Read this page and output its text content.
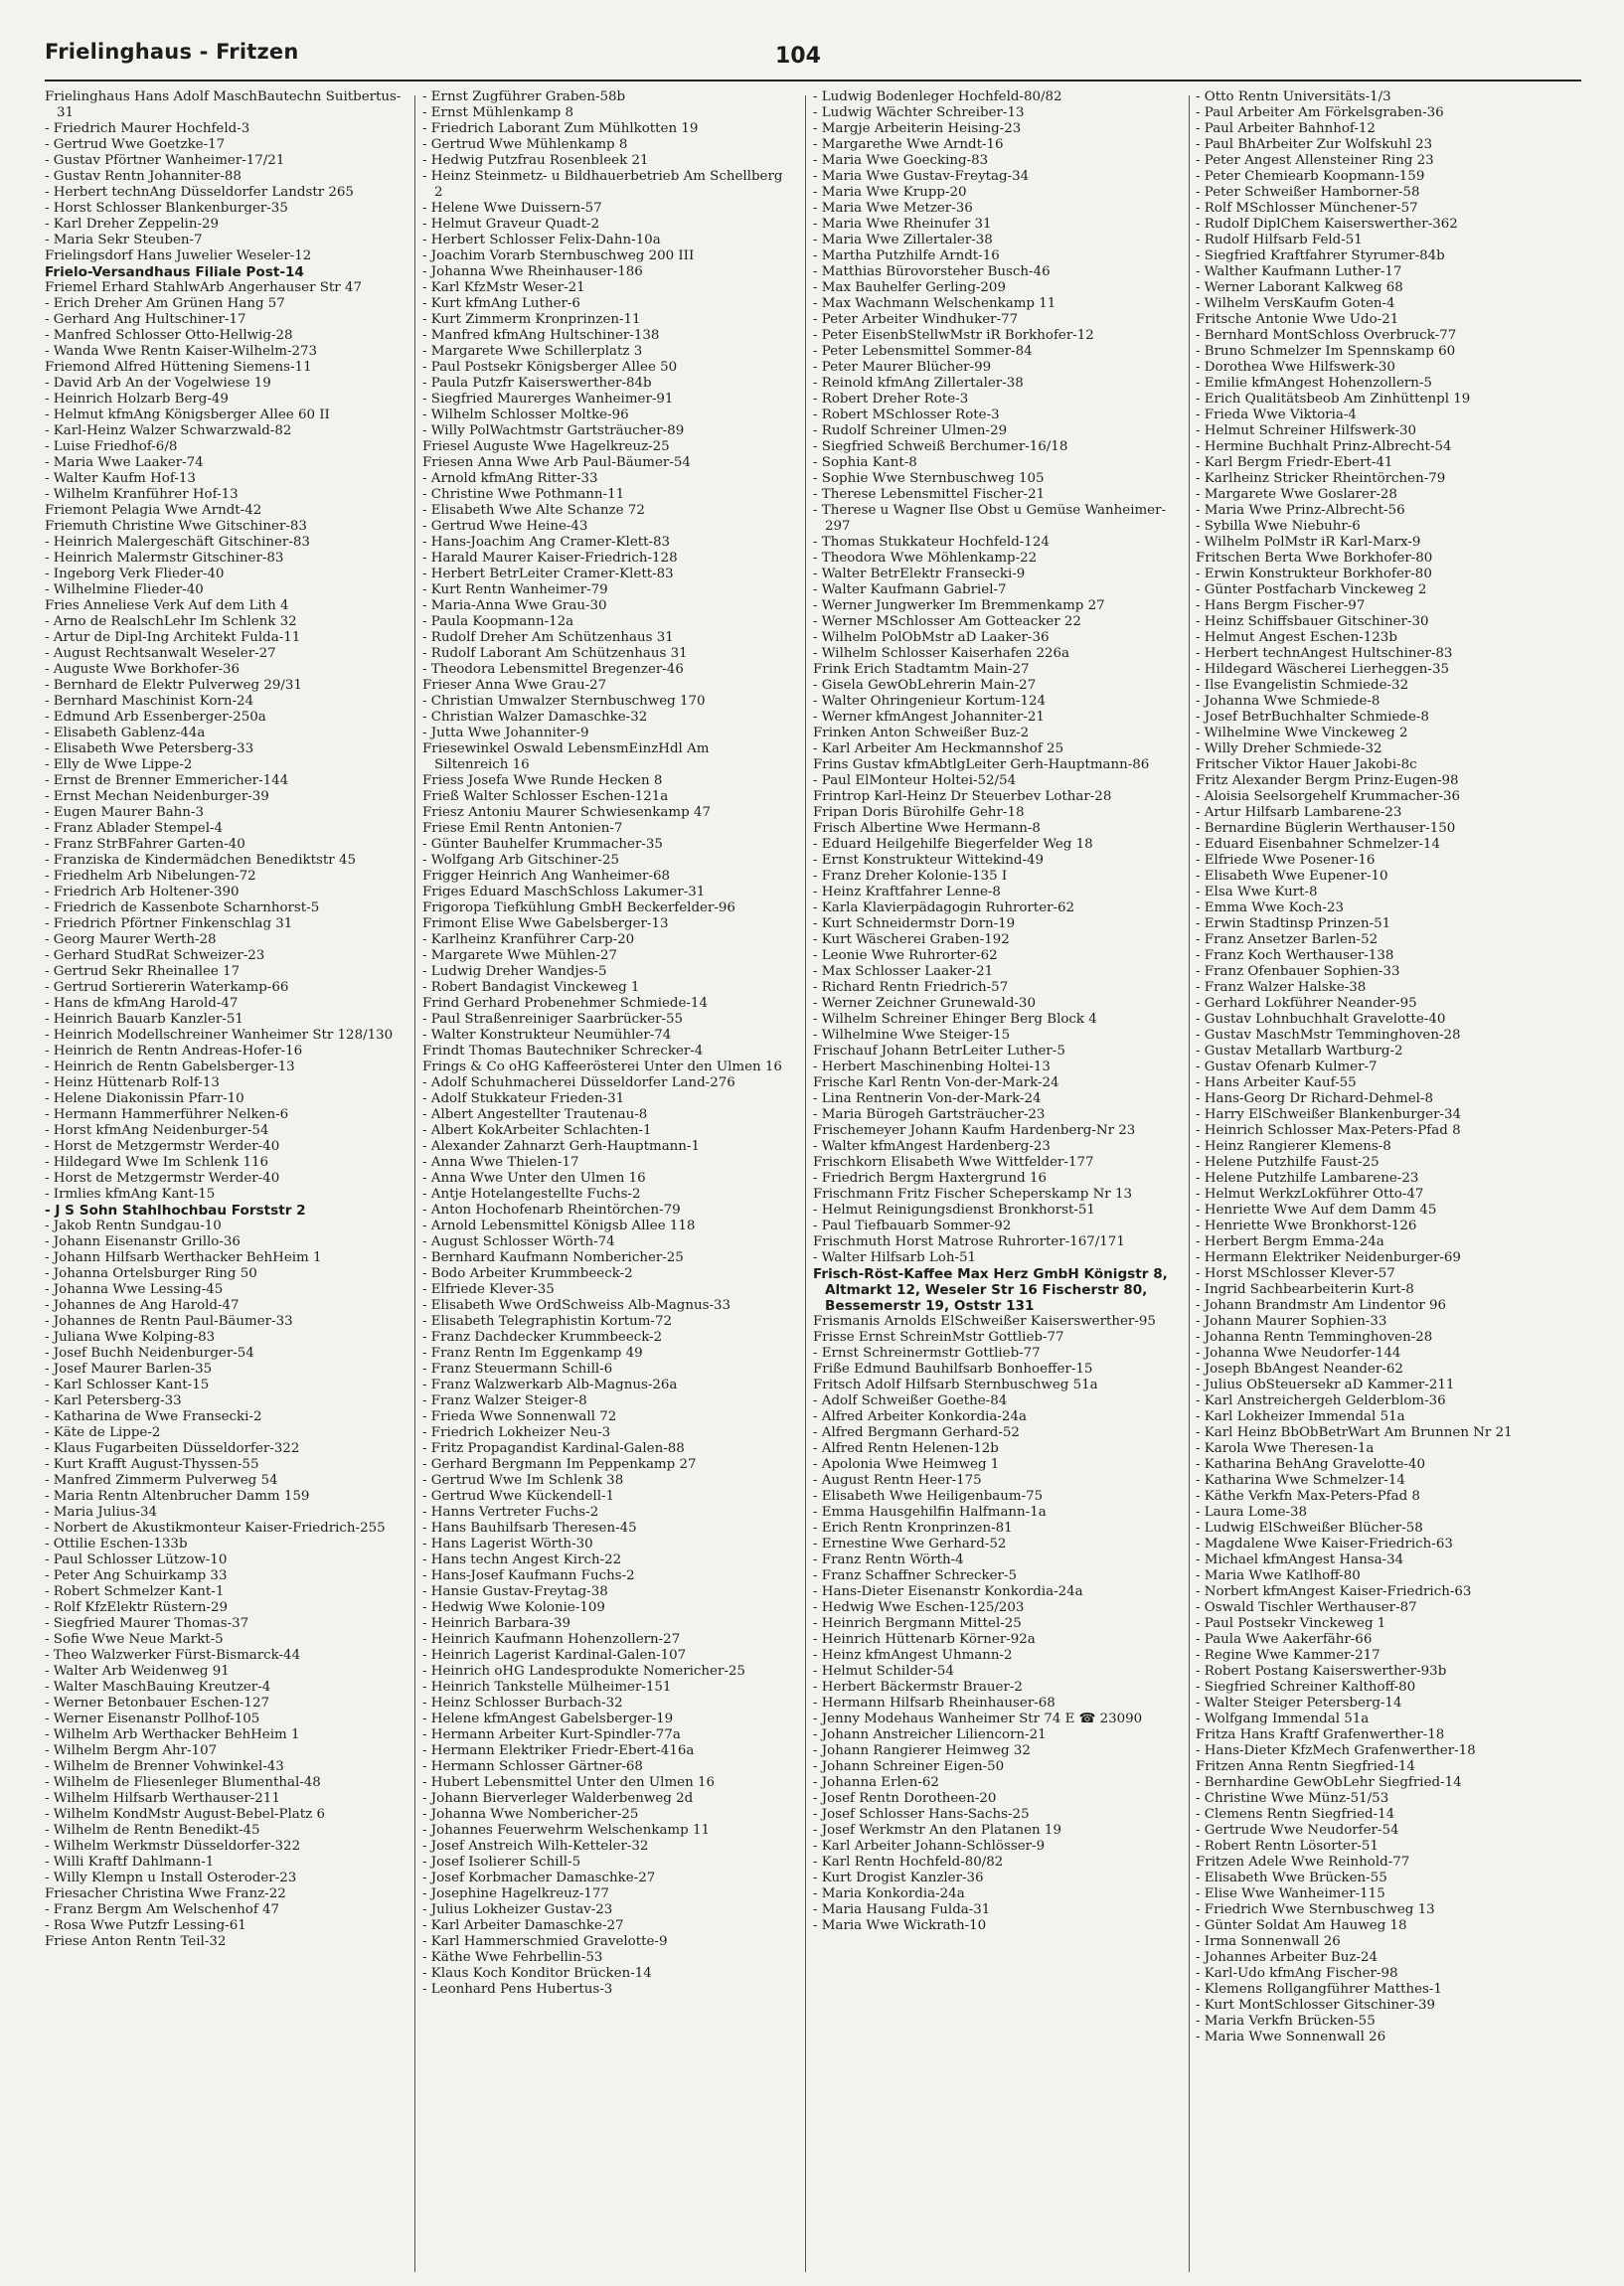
Frielinghaus - Fritzen	104

Frielinghaus Hans Adolf MaschBautechn Suitbertus-31

- Friedrich Maurer Hochfeld-3

- Gertrud Wwe Goetzke-17

- Gustav Pförtner Wanheimer-17/21

- Gustav Rentn Johanniter-88

- Herbert technAng Düsseldorfer Landstr 265

- Horst Schlosser Blankenburger-35

- Karl Dreher Zeppelin-29

- Maria Sekr Steuben-7

Frielingsdorf Hans Juwelier Weseler-12

Frielo-Versandhaus Filiale Post-14

Friemel Erhard StahlwArb Angerhauser Str 47

- Erich Dreher Am Grünen Hang 57

- Gerhard Ang Hultschiner-17

- Manfred Schlosser Otto-Hellwig-28

- Wanda Wwe Rentn Kaiser-Wilhelm-273

Friemond Alfred Hüttening Siemens-11

- David Arb An der Vogelwiese 19

- Heinrich Holzarb Berg-49

- Helmut kfmAng Königsberger Allee 60 II

- Karl-Heinz Walzer Schwarzwald-82

- Luise Friedhof-6/8

- Maria Wwe Laaker-74

- Walter Kaufm Hof-13

- Wilhelm Kranführer Hof-13

Friemont Pelagia Wwe Arndt-42

Friemuth Christine Wwe Gitschiner-83

- Heinrich Malergeschäft Gitschiner-83

- Heinrich Malermstr Gitschiner-83

- Ingeborg Verk Flieder-40

- Wilhelmine Flieder-40

Fries Anneliese Verk Auf dem Lith 4

- Arno de RealschLehr Im Schlenk 32

- Artur de Dipl-Ing Architekt Fulda-11

- August Rechtsanwalt Weseler-27

- Auguste Wwe Borkhofer-36

- Bernhard de Elektr Pulverweg 29/31

- Bernhard Maschinist Korn-24

- Edmund Arb Essenberger-250a

- Elisabeth Gablenz-44a

- Elisabeth Wwe Petersberg-33

- Elly de Wwe Lippe-2

- Ernst de Brenner Emmericher-144

- Ernst Mechan Neidenburger-39

- Eugen Maurer Bahn-3

- Franz Ablader Stempel-4

- Franz StrBFahrer Garten-40

- Franziska de Kindermädchen Benediktstr 45

- Friedhelm Arb Nibelungen-72

- Friedrich Arb Holtener-390

- Friedrich de Kassenbote Scharnhorst-5

- Friedrich Pförtner Finkenschlag 31

- Georg Maurer Werth-28

- Gerhard StudRat Schweizer-23

- Gertrud Sekr Rheinallee 17

- Gertrud Sortiererin Waterkamp-66

- Hans de kfmAng Harold-47

- Heinrich Bauarb Kanzler-51

- Heinrich Modellschreiner Wanheimer Str 128/130

- Heinrich de Rentn Andreas-Hofer-16

- Heinrich de Rentn Gabelsberger-13

- Heinz Hüttenarb Rolf-13

- Helene Diakonissin Pfarr-10

- Hermann Hammerführer Nelken-6

- Horst kfmAng Neidenburger-54

- Horst de Metzgermstr Werder-40

- Hildegard Wwe Im Schlenk 116

- Horst de Metzgermstr Werder-40

- Irmlies kfmAng Kant-15

- J S Sohn Stahlhochbau Forststr 2

- Jakob Rentn Sundgau-10

- Johann Eisenanstr Grillo-36

- Johann Hilfsarb Werthacker BehHeim 1

- Johanna Ortelsburger Ring 50

- Johanna Wwe Lessing-45

- Johannes de Ang Harold-47

- Johannes de Rentn Paul-Bäumer-33

- Juliana Wwe Kolping-83

- Josef Buchh Neidenburger-54

- Josef Maurer Barlen-35

- Karl Schlosser Kant-15

- Karl Petersberg-33

- Katharina de Wwe Fransecki-2

- Käte de Lippe-2

- Klaus Fugarbeiten Düsseldorfer-322

- Kurt Krafft August-Thyssen-55

- Manfred Zimmerm Pulverweg 54

- Maria Rentn Altenbrucher Damm 159

- Maria Julius-34

- Norbert de Akustikmonteur Kaiser-Friedrich-255

- Ottilie Eschen-133b

- Paul Schlosser Lützow-10

- Peter Ang Schuirkamp 33

- Robert Schmelzer Kant-1

- Rolf KfzElektr Rüstern-29

- Siegfried Maurer Thomas-37

- Sofie Wwe Neue Markt-5

- Theo Walzwerker Fürst-Bismarck-44

- Walter Arb Weidenweg 91

- Walter MaschBauing Kreutzer-4

- Werner Betonbauer Eschen-127

- Werner Eisenanstr Pollhof-105

- Wilhelm Arb Werthacker BehHeim 1

- Wilhelm Bergm Ahr-107

- Wilhelm de Brenner Vohwinkel-43

- Wilhelm de Fliesenleger Blumenthal-48

- Wilhelm Hilfsarb Werthauser-211

- Wilhelm KondMstr August-Bebel-Platz 6

- Wilhelm de Rentn Benedikt-45

- Wilhelm Werkmstr Düsseldorfer-322

- Willi Kraftf Dahlmann-1

- Willy Klempn u Install Osteroder-23

Friesacher Christina Wwe Franz-22

- Franz Bergm Am Welschenhof 47

- Rosa Wwe Putzfr Lessing-61

Friese Anton Rentn Teil-32

- Ernst Zugführer Graben-58b

- Ernst Mühlenkamp 8

- Friedrich Laborant Zum Mühlkotten 19

- Gertrud Wwe Mühlenkamp 8

- Hedwig Putzfrau Rosenbleek 21

- Heinz Steinmetz- u Bildhauerbetrieb Am Schellberg 2

- Helene Wwe Duissern-57

- Helmut Graveur Quadt-2

- Herbert Schlosser Felix-Dahn-10a

- Joachim Vorarb Sternbuschweg 200 III

- Johanna Wwe Rheinhauser-186

- Karl KfzMstr Weser-21

- Kurt kfmAng Luther-6

- Kurt Zimmerm Kronprinzen-11

- Manfred kfmAng Hultschiner-138

- Margarete Wwe Schillerplatz 3

- Paul Postsekr Königsberger Allee 50

- Paula Putzfr Kaiserswerther-84b

- Siegfried Maurerges Wanheimer-91

- Wilhelm Schlosser Moltke-96

- Willy PolWachtmstr Gartsträucher-89

Friesel Auguste Wwe Hagelkreuz-25

Friesen Anna Wwe Arb Paul-Bäumer-54

- Arnold kfmAng Ritter-33

- Christine Wwe Pothmann-11

- Elisabeth Wwe Alte Schanze 72

- Gertrud Wwe Heine-43

- Hans-Joachim Ang Cramer-Klett-83

- Harald Maurer Kaiser-Friedrich-128

- Herbert BetrLeiter Cramer-Klett-83

- Kurt Rentn Wanheimer-79

- Maria-Anna Wwe Grau-30

- Paula Koopmann-12a

- Rudolf Dreher Am Schützenhaus 31

- Rudolf Laborant Am Schützenhaus 31

- Theodora Lebensmittel Bregenzer-46

Frieser Anna Wwe Grau-27

- Christian Umwalzer Sternbuschweg 170

- Christian Walzer Damaschke-32

- Jutta Wwe Johanniter-9

Friesewinkel Oswald LebensmEinzHdl Am Siltenreich 16

Friess Josefa Wwe Runde Hecken 8

Frieß Walter Schlosser Eschen-121a

Friesz Antoniu Maurer Schwiesenkamp 47

Friese Emil Rentn Antonien-7

- Günter Bauhelfer Krummacher-35

- Wolfgang Arb Gitschiner-25

Frigger Heinrich Ang Wanheimer-68

Friges Eduard MaschSchloss Lakumer-31

Frigoropa Tiefkühlung GmbH Beckerfelder-96

Frimont Elise Wwe Gabelsberger-13

- Karlheinz Kranführer Carp-20

- Margarete Wwe Mühlen-27

- Ludwig Dreher Wandjes-5

- Robert Bandagist Vinckeweg 1

Frind Gerhard Probenehmer Schmiede-14

- Paul Straßenreiniger Saarbrücker-55

- Walter Konstrukteur Neumühler-74

Frindt Thomas Bautechniker Schrecker-4

Frings & Co oHG Kaffeerösterei Unter den Ulmen 16

- Adolf Schuhmacherei Düsseldorfer Land-276

- Adolf Stukkateur Frieden-31

- Albert Angestellter Trautenau-8

- Albert KokArbeiter Schlachten-1

- Alexander Zahnarzt Gerh-Hauptmann-1

- Anna Wwe Thielen-17

- Anna Wwe Unter den Ulmen 16

- Antje Hotelangestellte Fuchs-2

- Anton Hochofenarb Rheintörchen-79

- Arnold Lebensmittel Königsb Allee 118

- August Schlosser Wörth-74

- Bernhard Kaufmann Nombericher-25

- Bodo Arbeiter Krummbeeck-2

- Elfriede Klever-35

- Elisabeth Wwe OrdSchweiss Alb-Magnus-33

- Elisabeth Telegraphistin Kortum-72

- Franz Dachdecker Krummbeeck-2

- Franz Rentn Im Eggenkamp 49

- Franz Steuermann Schill-6

- Franz Walzwerkarb Alb-Magnus-26a

- Franz Walzer Steiger-8

- Frieda Wwe Sonnenwall 72

- Friedrich Lokheizer Neu-3

- Fritz Propagandist Kardinal-Galen-88

- Gerhard Bergmann Im Peppenkamp 27

- Gertrud Wwe Im Schlenk 38

- Gertrud Wwe Kückendell-1

- Hanns Vertreter Fuchs-2

- Hans Bauhilfsarb Theresen-45

- Hans Lagerist Wörth-30

- Hans techn Angest Kirch-22

- Hans-Josef Kaufmann Fuchs-2

- Hansie Gustav-Freytag-38

- Hedwig Wwe Kolonie-109

- Heinrich Barbara-39

- Heinrich Kaufmann Hohenzollern-27

- Heinrich Lagerist Kardinal-Galen-107

- Heinrich oHG Landesprodukte Nomericher-25

- Heinrich Tankstelle Mülheimer-151

- Heinz Schlosser Burbach-32

- Helene kfmAngest Gabelsberger-19

- Hermann Arbeiter Kurt-Spindler-77a

- Hermann Elektriker Friedr-Ebert-416a

- Hermann Schlosser Gärtner-68

- Hubert Lebensmittel Unter den Ulmen 16

- Johann Bierverleger Walderbenweg 2d

- Johanna Wwe Nombericher-25

- Johannes Feuerwehrm Welschenkamp 11

- Josef Anstreich Wilh-Ketteler-32

- Josef Isolierer Schill-5

- Josef Korbmacher Damaschke-27

- Josephine Hagelkreuz-177

- Julius Lokheizer Gustav-23

- Karl Arbeiter Damaschke-27

- Karl Hammerschmied Gravelotte-9

- Käthe Wwe Fehrbellin-53

- Klaus Koch Konditor Brücken-14

- Leonhard Pens Hubertus-3

- Ludwig Bodenleger Hochfeld-80/82

- Ludwig Wächter Schreiber-13

- Margje Arbeiterin Heising-23

- Margarethe Wwe Arndt-16

- Maria Wwe Goecking-83

- Maria Wwe Gustav-Freytag-34

- Maria Wwe Krupp-20

- Maria Wwe Metzer-36

- Maria Wwe Rheinufer 31

- Maria Wwe Zillertaler-38

- Martha Putzhilfe Arndt-16

- Matthias Bürovorsteher Busch-46

- Max Bauhelfer Gerling-209

- Max Wachmann Welschenkamp 11

- Peter Arbeiter Windhuker-77

- Peter EisenbStellwMstr iR Borkhofer-12

- Peter Lebensmittel Sommer-84

- Peter Maurer Blücher-99

- Reinold kfmAng Zillertaler-38

- Robert Dreher Rote-3

- Robert MSchlosser Rote-3

- Rudolf Schreiner Ulmen-29

- Siegfried Schweiß Berchumer-16/18

- Sophia Kant-8

- Sophie Wwe Sternbuschweg 105

- Therese Lebensmittel Fischer-21

- Therese u Wagner Ilse Obst u Gemüse Wanheimer-297

- Thomas Stukkateur Hochfeld-124

- Theodora Wwe Möhlenkamp-22

- Walter BetrElektr Fransecki-9

- Walter Kaufmann Gabriel-7

- Werner Jungwerker Im Bremmenkamp 27

- Werner MSchlosser Am Gotteacker 22

- Wilhelm PolObMstr aD Laaker-36

- Wilhelm Schlosser Kaiserhafen 226a

Frink Erich Stadtamtm Main-27

- Gisela GewObLehrerin Main-27

- Walter Ohringenieur Kortum-124

- Werner kfmAngest Johanniter-21

Frinken Anton Schweißer Buz-2

- Karl Arbeiter Am Heckmannshof 25

Frins Gustav kfmAbtlgLeiter Gerh-Hauptmann-86

- Paul ElMonteur Holtei-52/54

Frintrop Karl-Heinz Dr Steuerbev Lothar-28

Fripan Doris Bürohilfe Gehr-18

Frisch Albertine Wwe Hermann-8

- Eduard Heilgehilfe Biegerfelder Weg 18

- Ernst Konstrukteur Wittekind-49

- Franz Dreher Kolonie-135 I

- Heinz Kraftfahrer Lenne-8

- Karla Klavierpädagogin Ruhrorter-62

- Kurt Schneidermstr Dorn-19

- Kurt Wäschereі Graben-192

- Leonie Wwe Ruhrorter-62

- Max Schlosser Laaker-21

- Richard Rentn Friedrich-57

- Werner Zeichner Grunewald-30

- Wilhelm Schreiner Ehinger Berg Block 4

- Wilhelmine Wwe Steiger-15

Frischauf Johann BetrLeiter Luther-5

- Herbert Maschinenbing Holtei-13

Frische Karl Rentn Von-der-Mark-24

- Lina Rentnerin Von-der-Mark-24

- Maria Bürogeh Gartsträucher-23

Frischemeyer Johann Kaufm Hardenberg-Nr 23

- Walter kfmAngest Hardenberg-23

Frischkorn Elisabeth Wwe Wittfelder-177

- Friedrich Bergm Haxtergrund 16

Frischmann Fritz Fischer Scheperskamp Nr 13

- Helmut Reinigungsdienst Bronkhorst-51

- Paul Tiefbauarb Sommer-92

Frischmuth Horst Matrose Ruhrorter-167/171

- Walter Hilfsarb Loh-51

Frisch-Röst-Kaffee Max Herz GmbH Königstr 8, Altmarkt 12, Weseler Str 16 Fischerstr 80, Bessemerstr 19, Oststr 131

Frismanis Arnolds ElSchweißer Kaiserswerther-95

Frisse Ernst SchreinMstr Gottlieb-77

- Ernst Schreinermstr Gottlieb-77

Friße Edmund Bauhilfsarb Bonhoeffer-15

Fritsch Adolf Hilfsarb Sternbuschweg 51a

- Adolf Schweißer Goethe-84

- Alfred Arbeiter Konkordia-24a

- Alfred Bergmann Gerhard-52

- Alfred Rentn Helenen-12b

- Apolonia Wwe Heimweg 1

- August Rentn Heer-175

- Elisabeth Wwe Heiligenbaum-75

- Emma Hausgehilfin Halfmann-1a

- Erich Rentn Kronprinzen-81

- Ernestine Wwe Gerhard-52

- Franz Rentn Wörth-4

- Franz Schaffner Schrecker-5

- Hans-Dieter Eisenanstr Konkordia-24a

- Hedwig Wwe Eschen-125/203

- Heinrich Bergmann Mittel-25

- Heinrich Hüttenarb Körner-92a

- Heinz kfmAngest Uhmann-2

- Helmut Schilder-54

- Herbert Bäckermstr Brauer-2

- Hermann Hilfsarb Rheinhauser-68

- Jenny Modehaus Wanheimer Str 74 E ☎ 23090

- Johann Anstreicher Liliencorn-21

- Johann Rangierer Heimweg 32

- Johann Schreiner Eigen-50

- Johanna Erlen-62

- Josef Rentn Dorotheen-20

- Josef Schlosser Hans-Sachs-25

- Josef Werkmstr An den Platanen 19

- Karl Arbeiter Johann-Schlösser-9

- Karl Rentn Hochfeld-80/82

- Kurt Drogist Kanzler-36

- Maria Konkordia-24a

- Maria Hausang Fulda-31

- Maria Wwe Wickrath-10

- Otto Rentn Universitäts-1/3

- Paul Arbeiter Am Förkelsgraben-36

- Paul Arbeiter Bahnhof-12

- Paul BhArbeiter Zur Wolfskuhl 23

- Peter Angest Allensteiner Ring 23

- Peter Chemiearb Koopmann-159

- Peter Schweißer Hamborner-58

- Rolf MSchlosser Münchener-57

- Rudolf DiplChem Kaiserswerther-362

- Rudolf Hilfsarb Feld-51

- Siegfried Kraftfahrer Styrumer-84b

- Walther Kaufmann Luther-17

- Werner Laborant Kalkweg 68

- Wilhelm VersKaufm Goten-4

Fritsche Antonie Wwe Udo-21

- Bernhard MontSchloss Overbruck-77

- Bruno Schmelzer Im Spennskamp 60

- Dorothea Wwe Hilfswerk-30

- Emilie kfmAngest Hohenzollern-5

- Erich Qualitätsbeob Am Zinhüttenpl 19

- Frieda Wwe Viktoria-4

- Helmut Schreiner Hilfswerk-30

- Hermine Buchhalt Prinz-Albrecht-54

- Karl Bergm Friedr-Ebert-41

- Karlheinz Stricker Rheintörchen-79

- Margarete Wwe Goslarer-28

- Maria Wwe Prinz-Albrecht-56

- Sybilla Wwe Niebuhr-6

- Wilhelm PolMstr iR Karl-Marx-9

Fritschen Berta Wwe Borkhofer-80

- Erwin Konstrukteur Borkhofer-80

- Günter Postfacharb Vinckeweg 2

- Hans Bergm Fischer-97

- Heinz Schiffsbauer Gitschiner-30

- Helmut Angest Eschen-123b

- Herbert technAngest Hultschiner-83

- Hildegard Wäschereі Lierheggen-35

- Ilse Evangelistin Schmiede-32

- Johanna Wwe Schmiede-8

- Josef BetrBuchhalter Schmiede-8

- Wilhelmine Wwe Vinckeweg 2

- Willy Dreher Schmiede-32

Fritscher Viktor Hauer Jakobi-8c

Fritz Alexander Bergm Prinz-Eugen-98

- Aloisia Seelsorgehelf Krummacher-36

- Artur Hilfsarb Lambarene-23

- Bernardine Büglerin Werthauser-150

- Eduard Eisenbahner Schmelzer-14

- Elfriede Wwe Posener-16

- Elisabeth Wwe Eupener-10

- Elsa Wwe Kurt-8

- Emma Wwe Koch-23

- Erwin Stadtinsp Prinzen-51

- Franz Ansetzer Barlen-52

- Franz Koch Werthauser-138

- Franz Ofenbauer Sophien-33

- Franz Walzer Halske-38

- Gerhard Lokführer Neander-95

- Gustav Lohnbuchhalt Gravelotte-40

- Gustav MaschMstr Temminghoven-28

- Gustav Metallarb Wartburg-2

- Gustav Ofenarb Kulmer-7

- Hans Arbeiter Kauf-55

- Hans-Georg Dr Richard-Dehmel-8

- Harry ElSchweißer Blankenburger-34

- Heinrich Schlosser Max-Peters-Pfad 8

- Heinz Rangierer Klemens-8

- Helene Putzhilfe Faust-25

- Helene Putzhilfe Lambarene-23

- Helmut WerkzLokführer Otto-47

- Henriette Wwe Auf dem Damm 45

- Henriette Wwe Bronkhorst-126

- Herbert Bergm Emma-24a

- Hermann Elektriker Neidenburger-69

- Horst MSchlosser Klever-57

- Ingrid Sachbearbeiterin Kurt-8

- Johann Brandmstr Am Lindentor 96

- Johann Maurer Sophien-33

- Johanna Rentn Temminghoven-28

- Johanna Wwe Neudorfer-144

- Joseph BbAngest Neander-62

- Julius ObSteuersekr aD Kammer-211

- Karl Anstreichergeh Gelderblom-36

- Karl Lokheizer Immendal 51a

- Karl Heinz BbObBetrWart Am Brunnen Nr 21

- Karola Wwe Theresen-1a

- Katharina BehAng Gravelotte-40

- Katharina Wwe Schmelzer-14

- Käthe Verkfn Max-Peters-Pfad 8

- Laura Lome-38

- Ludwig ElSchweißer Blücher-58

- Magdalene Wwe Kaiser-Friedrich-63

- Michael kfmAngest Hansa-34

- Maria Wwe Katlhoff-80

- Norbert kfmAngest Kaiser-Friedrich-63

- Oswald Tischler Werthauser-87

- Paul Postsekr Vinckeweg 1

- Paula Wwe Aakerfähr-66

- Regine Wwe Kammer-217

- Robert Postang Kaiserswerther-93b

- Siegfried Schreiner Kalthoff-80

- Walter Steiger Petersberg-14

- Wolfgang Immendal 51a

Fritza Hans Kraftf Grafenwerther-18

- Hans-Dieter KfzMech Grafenwerther-18

Fritzen Anna Rentn Siegfried-14

- Bernhardine GewObLehr Siegfried-14

- Christine Wwe Münz-51/53

- Clemens Rentn Siegfried-14

- Gertrude Wwe Neudorfer-54

- Robert Rentn Lösorter-51

Fritzen Adele Wwe Reinhold-77

- Elisabeth Wwe Brücken-55

- Elise Wwe Wanheimer-115

- Friedrich Wwe Sternbuschweg 13

- Günter Soldat Am Hauweg 18

- Irma Sonnenwall 26

- Johannes Arbeiter Buz-24

- Karl-Udo kfmAng Fischer-98

- Klemens Rollgangführer Matthes-1

- Kurt MontSchlosser Gitschiner-39

- Maria Verkfn Brücken-55

- Maria Wwe Sonnenwall 26
